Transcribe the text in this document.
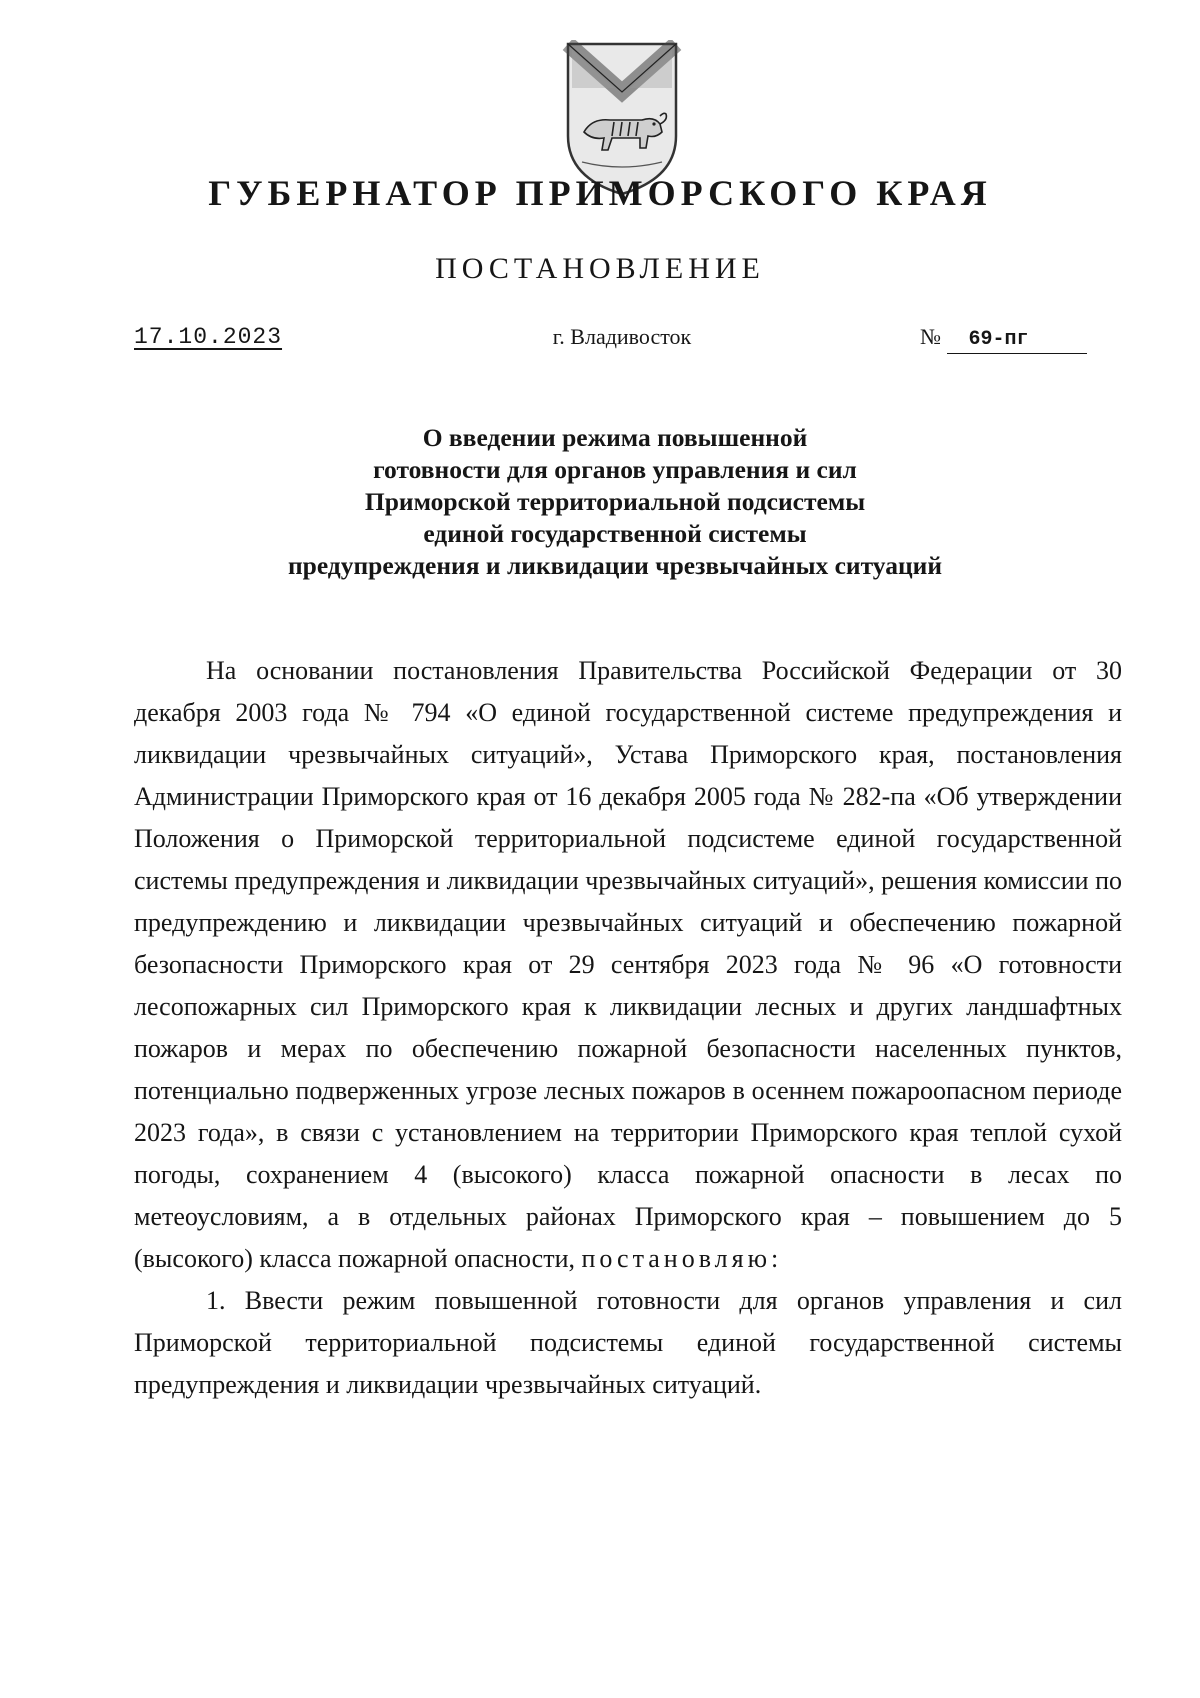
ГУБЕРНАТОР ПРИМОРСКОГО КРАЯ
ПОСТАНОВЛЕНИЕ
17.10.2023	г. Владивосток	№ 69-пг
О введении режима повышенной
готовности для органов управления и сил
Приморской территориальной подсистемы
единой государственной системы
предупреждения и ликвидации чрезвычайных ситуаций

На основании постановления Правительства Российской Федерации от 30 декабря 2003 года № 794 «О единой государственной системе предупреждения и ликвидации чрезвычайных ситуаций», Устава Приморского края, постановления Администрации Приморского края от 16 декабря 2005 года № 282-па «Об утверждении Положения о Приморской территориальной подсистеме единой государственной системы предупреждения и ликвидации чрезвычайных ситуаций», решения комиссии по предупреждению и ликвидации чрезвычайных ситуаций и обеспечению пожарной безопасности Приморского края от 29 сентября 2023 года № 96 «О готовности лесопожарных сил Приморского края к ликвидации лесных и других ландшафтных пожаров и мерах по обеспечению пожарной безопасности населенных пунктов, потенциально подверженных угрозе лесных пожаров в осеннем пожароопасном периоде 2023 года», в связи с установлением на территории Приморского края теплой сухой погоды, сохранением 4 (высокого) класса пожарной опасности в лесах по метеоусловиям, а в отдельных районах Приморского края – повышением до 5 (высокого) класса пожарной опасности, постановляю:

1. Ввести режим повышенной готовности для органов управления и сил Приморской территориальной подсистемы единой государственной системы предупреждения и ликвидации чрезвычайных ситуаций.
